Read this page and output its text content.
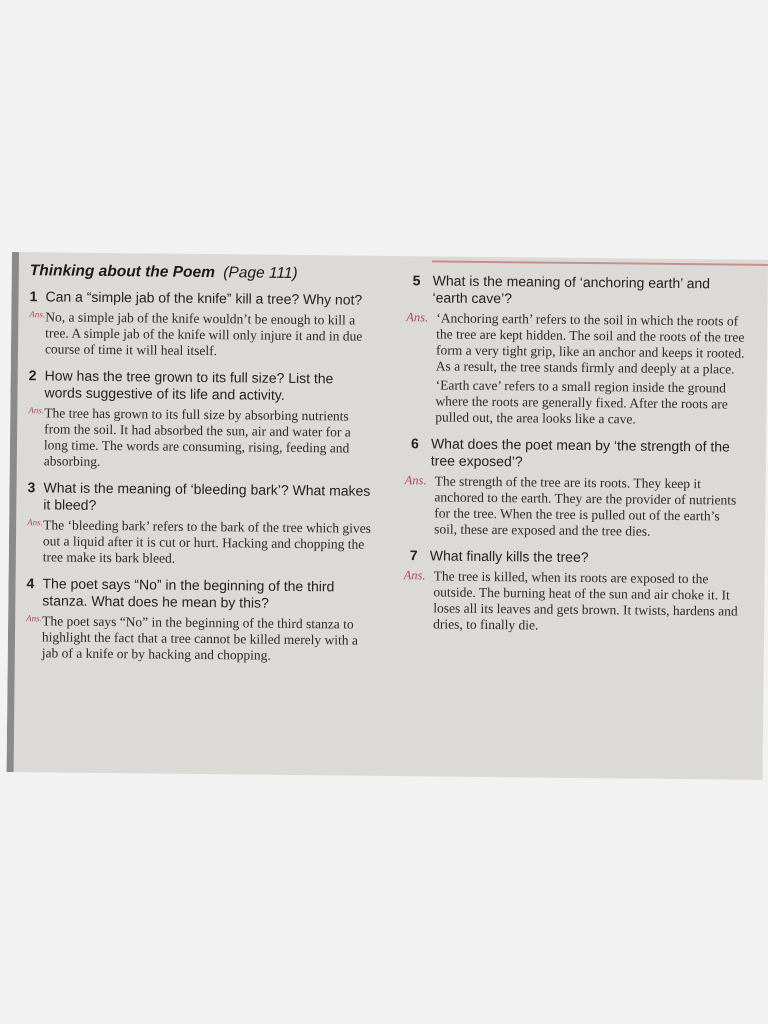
Thinking about the Poem (Page 111)
1 Can a “simple jab of the knife” kill a tree? Why not?
Ans. No, a simple jab of the knife wouldn’t be enough to kill a tree. A simple jab of the knife will only injure it and in due course of time it will heal itself.

2 How has the tree grown to its full size? List the words suggestive of its life and activity.
Ans. The tree has grown to its full size by absorbing nutrients from the soil. It had absorbed the sun, air and water for a long time. The words are consuming, rising, feeding and absorbing.

3 What is the meaning of ‘bleeding bark’? What makes it bleed?
Ans. The ‘bleeding bark’ refers to the bark of the tree which gives out a liquid after it is cut or hurt. Hacking and chopping the tree make its bark bleed.

4 The poet says “No” in the beginning of the third stanza. What does he mean by this?
Ans. The poet says “No” in the beginning of the third stanza to highlight the fact that a tree cannot be killed merely with a jab of a knife or by hacking and chopping.

5 What is the meaning of ‘anchoring earth’ and ‘earth cave’?
Ans. ‘Anchoring earth’ refers to the soil in which the roots of the tree are kept hidden. The soil and the roots of the tree form a very tight grip, like an anchor and keeps it rooted. As a result, the tree stands firmly and deeply at a place.

‘Earth cave’ refers to a small region inside the ground where the roots are generally fixed. After the roots are pulled out, the area looks like a cave.

6 What does the poet mean by ‘the strength of the tree exposed’?
Ans. The strength of the tree are its roots. They keep it anchored to the earth. They are the provider of nutrients for the tree. When the tree is pulled out of the earth’s soil, these are exposed and the tree dies.

7 What finally kills the tree?
Ans. The tree is killed, when its roots are exposed to the outside. The burning heat of the sun and air choke it. It loses all its leaves and gets brown. It twists, hardens and dries, to finally die.
